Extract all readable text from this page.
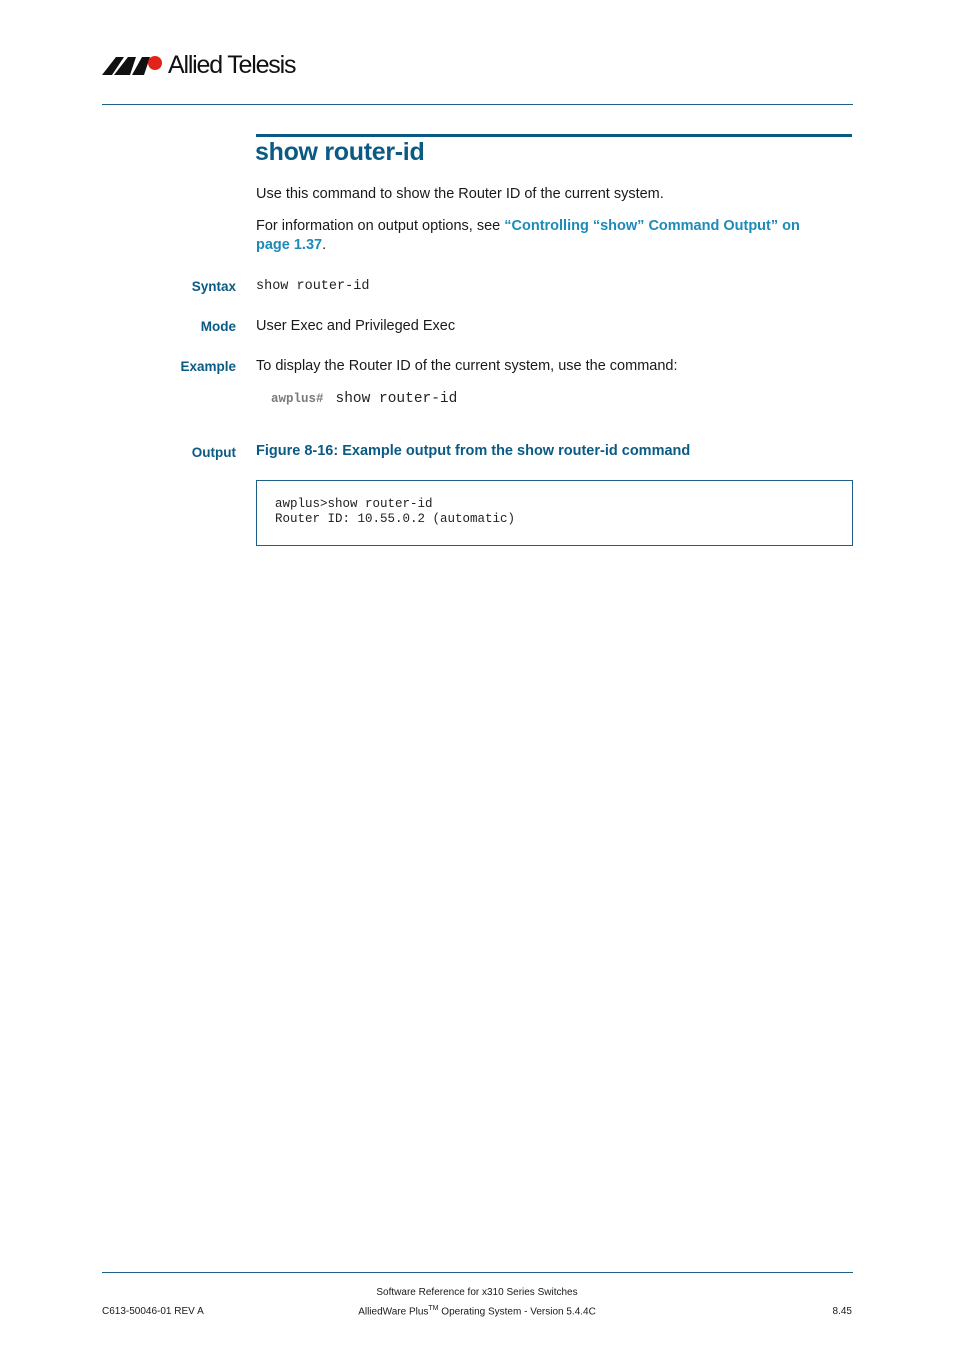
Allied Telesis
show router-id

Use this command to show the Router ID of the current system.

For information on output options, see “Controlling “show” Command Output” on page 1.37.

Syntax show router-id
Mode User Exec and Privileged Exec

Example To display the Router ID of the current system, use the command:

awplus# show router-id
Output Figure 8-16: Example output from the show router-id command
awplus>show router-id
Router ID: 10.55.0.2 (automatic)
Software Reference for x310 Series Switches
AlliedWare Plus™ Operating System - Version 5.4.4C
C613-50046-01 REV A	8.45
